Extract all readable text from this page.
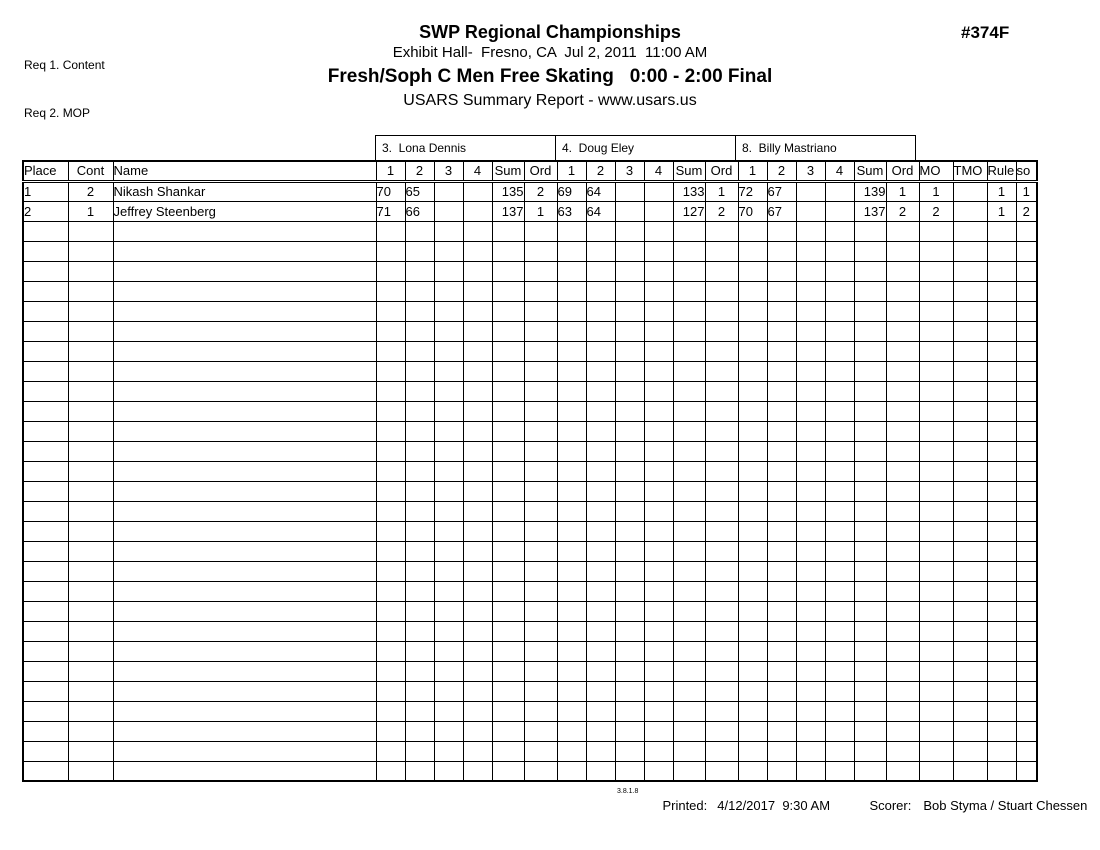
Req 1. Content

Req 2. MOP

#374F
SWP Regional Championships
Exhibit Hall-  Fresno, CA  Jul 2, 2011  11:00 AM
Fresh/Soph C Men Free Skating   0:00 - 2:00 Final
USARS Summary Report - www.usars.us
3.  Lona Dennis	4.  Doug Eley	8.  Billy Mastriano
Place	Cont	Name	1	2	3	4	Sum	Ord	1	2	3	4	Sum	Ord	1	2	3	4	Sum	Ord	MO	TMO	Rule	so
1	2	Nikash Shankar	70	65			135	2	69	64			133	1	72	67			139	1	1		1	1
2	1	Jeffrey Steenberg	71	66			137	1	63	64			127	2	70	67			137	2	2		1	2

3.8.1.8

Printed: 4/12/2017  9:30 AM
	Scorer: Bob Styma / Stuart Chessen
